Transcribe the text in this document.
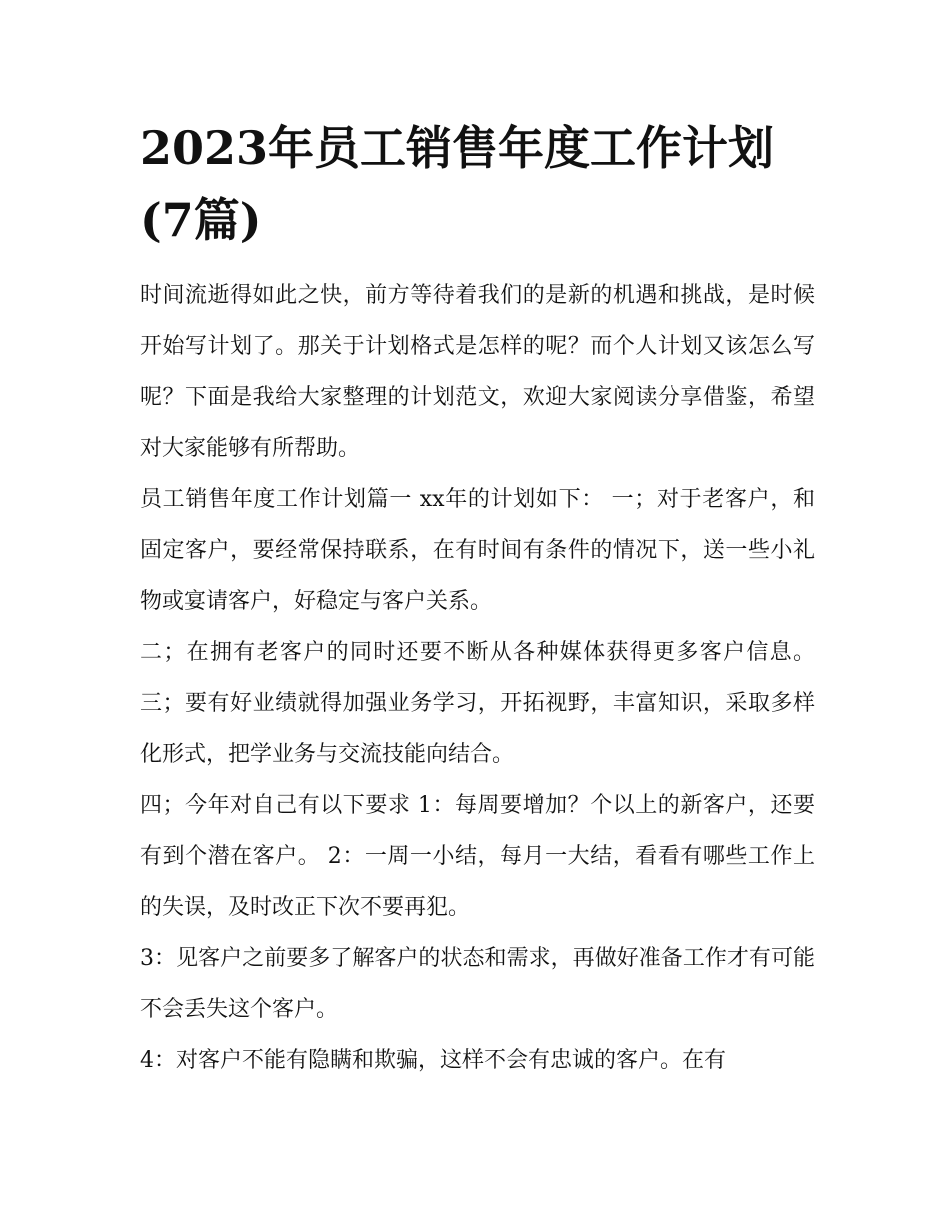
2023年员工销售年度工作计划(7篇)

时间流逝得如此之快，前方等待着我们的是新的机遇和挑战，是时候开始写计划了。那关于计划格式是怎样的呢？而个人计划又该怎么写呢？下面是我给大家整理的计划范文，欢迎大家阅读分享借鉴，希望对大家能够有所帮助。

员工销售年度工作计划篇一 xx年的计划如下： 一；对于老客户，和固定客户，要经常保持联系，在有时间有条件的情况下，送一些小礼物或宴请客户，好稳定与客户关系。

二；在拥有老客户的同时还要不断从各种媒体获得更多客户信息。 三；要有好业绩就得加强业务学习，开拓视野，丰富知识，采取多样化形式，把学业务与交流技能向结合。

四；今年对自己有以下要求 1：每周要增加？个以上的新客户，还要有到个潜在客户。 2：一周一小结，每月一大结，看看有哪些工作上的失误，及时改正下次不要再犯。

3：见客户之前要多了解客户的状态和需求，再做好准备工作才有可能不会丢失这个客户。

4：对客户不能有隐瞒和欺骗，这样不会有忠诚的客户。在有
